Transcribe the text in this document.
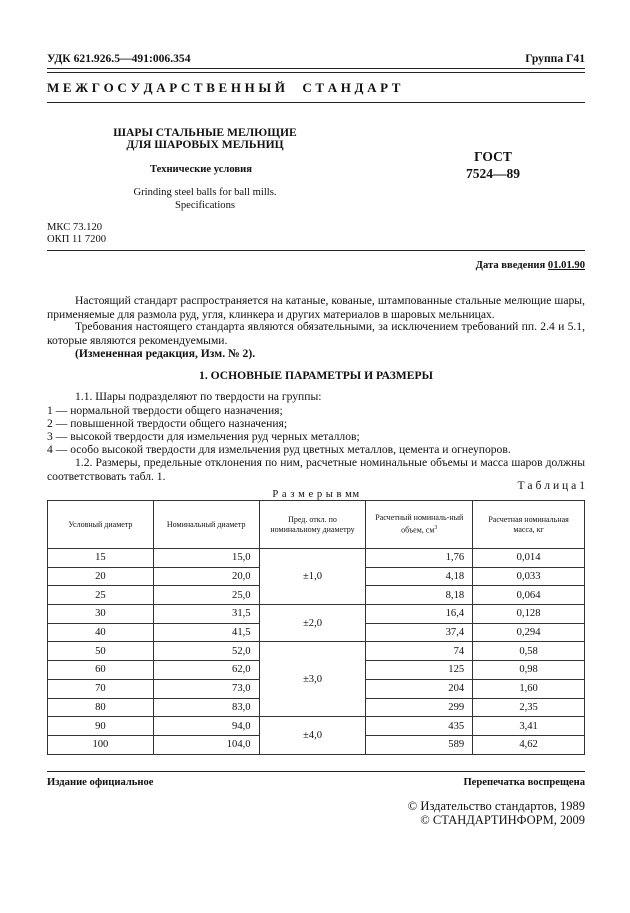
УДК 621.926.5—491:006.354	Группа Г41
М Е Ж Г О С У Д А Р С Т В Е Н Н Ы Й     С Т А Н Д А Р Т
ШАРЫ СТАЛЬНЫЕ МЕЛЮЩИЕ
ДЛЯ ШАРОВЫХ МЕЛЬНИЦ
Технические условия
Grinding steel balls for ball mills.
Specifications
ГОСТ
7524—89
МКС 73.120
ОКП 11 7200
Дата введения 01.01.90

Настоящий стандарт распространяется на катаные, кованые, штампованные стальные мелющие шары, применяемые для размола руд, угля, клинкера и других материалов в шаровых мельницах.

Требования настоящего стандарта являются обязательными, за исключением требований пп. 2.4 и 5.1, которые являются рекомендуемыми.

(Измененная редакция, Изм. № 2).

1. ОСНОВНЫЕ ПАРАМЕТРЫ И РАЗМЕРЫ

1.1. Шары подразделяют по твердости на группы:

1 — нормальной твердости общего назначения;

2 — повышенной твердости общего назначения;

3 — высокой твердости для измельчения руд черных металлов;

4 — особо высокой твердости для измельчения руд цветных металлов, цемента и огнеупоров.

1.2. Размеры, предельные отклонения по ним, расчетные номинальные объемы и масса шаров должны соответствовать табл. 1.

Т а б л и ц а 1
Р а з м е р ы в мм
Условный диаметр	Номинальный диаметр	Пред. откл. по номинальному диаметру	Расчетный номиналь-ный объем, $см^3$	Расчетная номинальная масса, кг
15	15,0	±1,0	1,76	0,014
20	20,0		4,18	0,033
25	25,0		8,18	0,064
30	31,5	±2,0	16,4	0,128
40	41,5		37,4	0,294
50	52,0	±3,0	74	0,58
60	62,0		125	0,98
70	73,0		204	1,60
80	83,0		299	2,35
90	94,0	±4,0	435	3,41
100	104,0		589	4,62
Издание официальное	Перепечатка воспрещена
© Издательство стандартов, 1989
© СТАНДАРТИНФОРМ, 2009
